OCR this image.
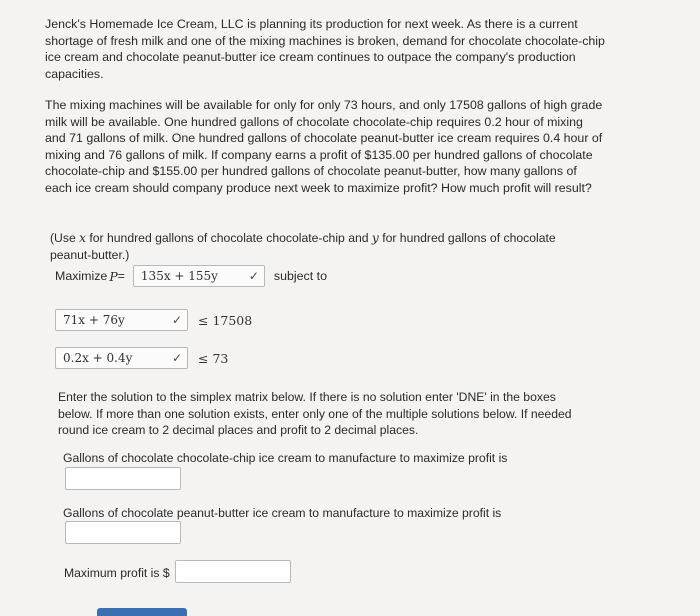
Jenck's Homemade Ice Cream, LLC is planning its production for next week. As there is a current shortage of fresh milk and one of the mixing machines is broken, demand for chocolate chocolate-chip ice cream and chocolate peanut-butter ice cream continues to outpace the company's production capacities.

The mixing machines will be available for only for only 73 hours, and only 17508 gallons of high grade milk will be available. One hundred gallons of chocolate chocolate-chip requires 0.2 hour of mixing and 71 gallons of milk. One hundred gallons of chocolate peanut-butter ice cream requires 0.4 hour of mixing and 76 gallons of milk. If company earns a profit of $135.00 per hundred gallons of chocolate chocolate-chip and $155.00 per hundred gallons of chocolate peanut-butter, how many gallons of each ice cream should company produce next week to maximize profit? How much profit will result?

(Use x for hundred gallons of chocolate chocolate-chip and y for hundred gallons of chocolate peanut-butter.)

Maximize P = 135x + 155y	✓ subject to
71x + 76y	✓ ≤ 17508
0.2x + 0.4y	✓ ≤ 73

Enter the solution to the simplex matrix below. If there is no solution enter 'DNE' in the boxes below. If more than one solution exists, enter only one of the multiple solutions below. If needed round ice cream to 2 decimal places and profit to 2 decimal places.

Gallons of chocolate chocolate-chip ice cream to manufacture to maximize profit is
Gallons of chocolate peanut-butter ice cream to manufacture to maximize profit is
Maximum profit is $
